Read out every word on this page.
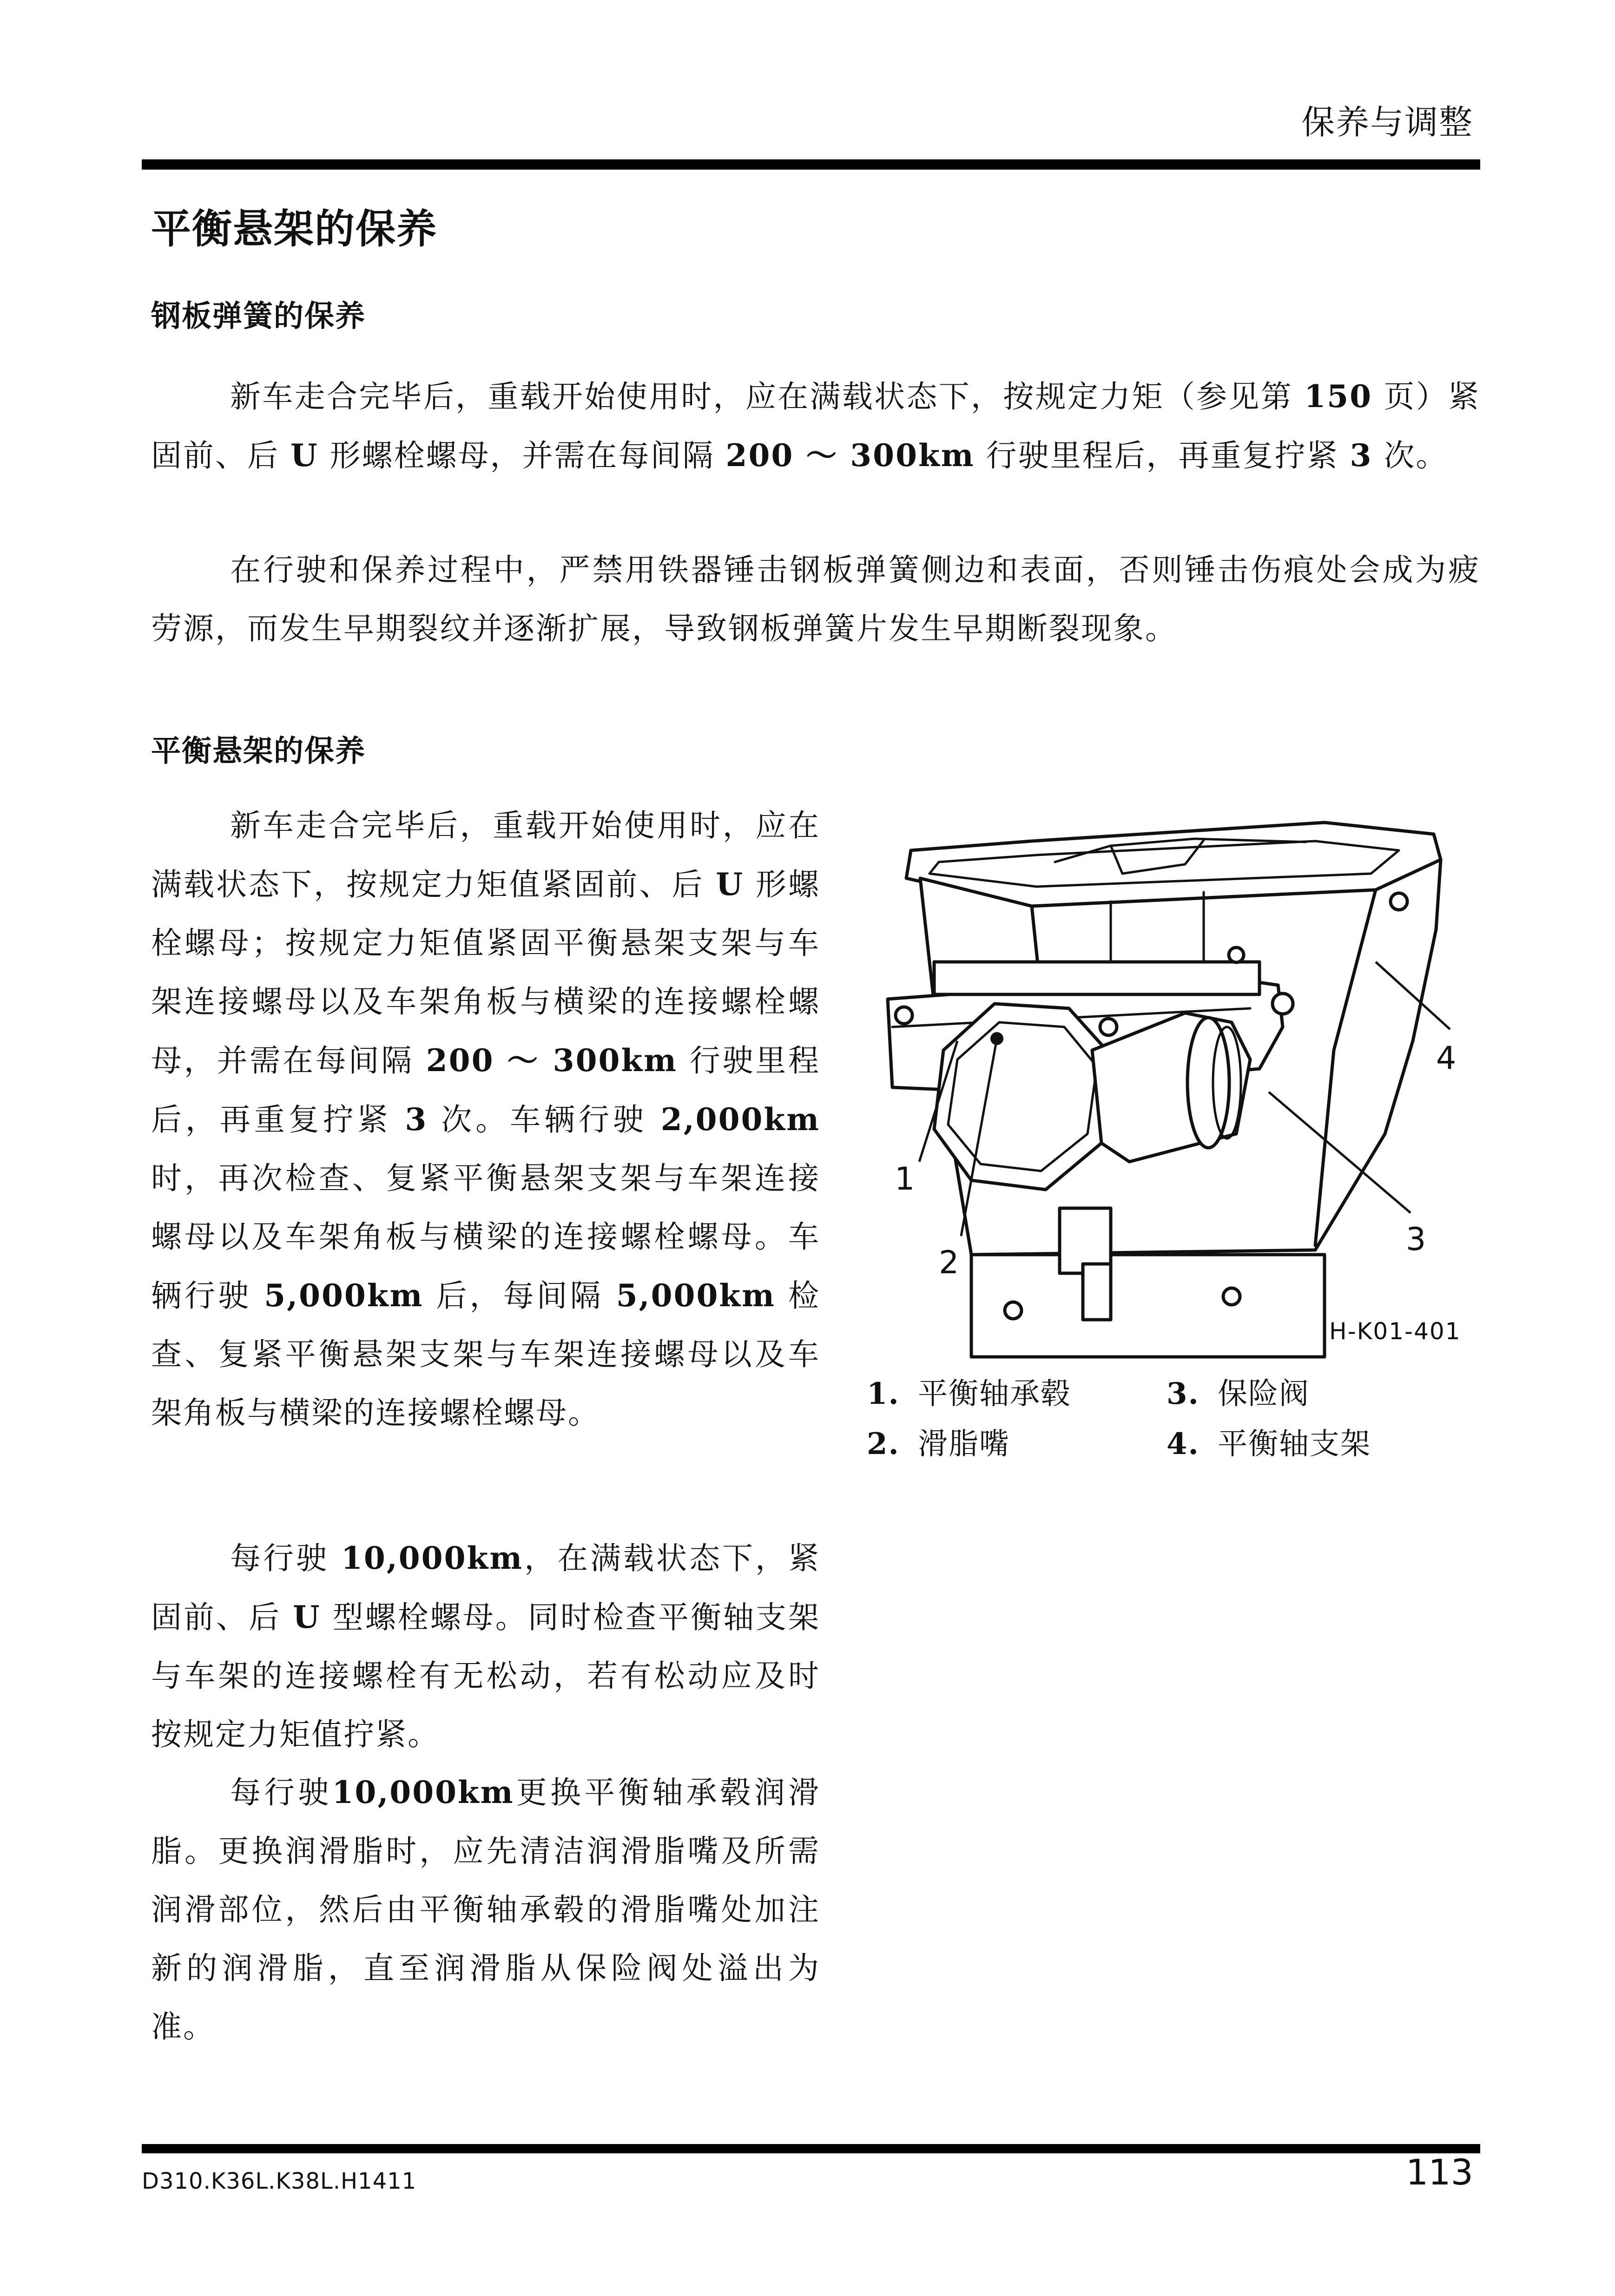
保养与调整
平衡悬架的保养
钢板弹簧的保养

新车走合完毕后，重载开始使用时，应在满载状态下，按规定力矩（参见第 150 页）紧固前、后 U 形螺栓螺母，并需在每间隔 200 ～ 300km 行驶里程后，再重复拧紧 3 次。

在行驶和保养过程中，严禁用铁器锤击钢板弹簧侧边和表面，否则锤击伤痕处会成为疲劳源，而发生早期裂纹并逐渐扩展，导致钢板弹簧片发生早期断裂现象。

平衡悬架的保养

新车走合完毕后，重载开始使用时，应在满载状态下，按规定力矩值紧固前、后 U 形螺栓螺母；按规定力矩值紧固平衡悬架支架与车架连接螺母以及车架角板与横梁的连接螺栓螺母，并需在每间隔 200 ～ 300km 行驶里程后，再重复拧紧 3 次。车辆行驶 2,000km 时，再次检查、复紧平衡悬架支架与车架连接螺母以及车架角板与横梁的连接螺栓螺母。车辆行驶 5,000km 后，每间隔 5,000km 检查、复紧平衡悬架支架与车架连接螺母以及车架角板与横梁的连接螺栓螺母。

每行驶 10,000km，在满载状态下，紧固前、后 U 型螺栓螺母。同时检查平衡轴支架与车架的连接螺栓有无松动，若有松动应及时按规定力矩值拧紧。

每行驶10,000km更换平衡轴承毂润滑脂。更换润滑脂时，应先清洁润滑脂嘴及所需润滑部位，然后由平衡轴承毂的滑脂嘴处加注新的润滑脂，直至润滑脂从保险阀处溢出为准。

1
2
3
4
H-K01-401
1. 平衡轴承毂	3. 保险阀
2. 滑脂嘴	4. 平衡轴支架
D310.K36L.K38L.H1411	113
